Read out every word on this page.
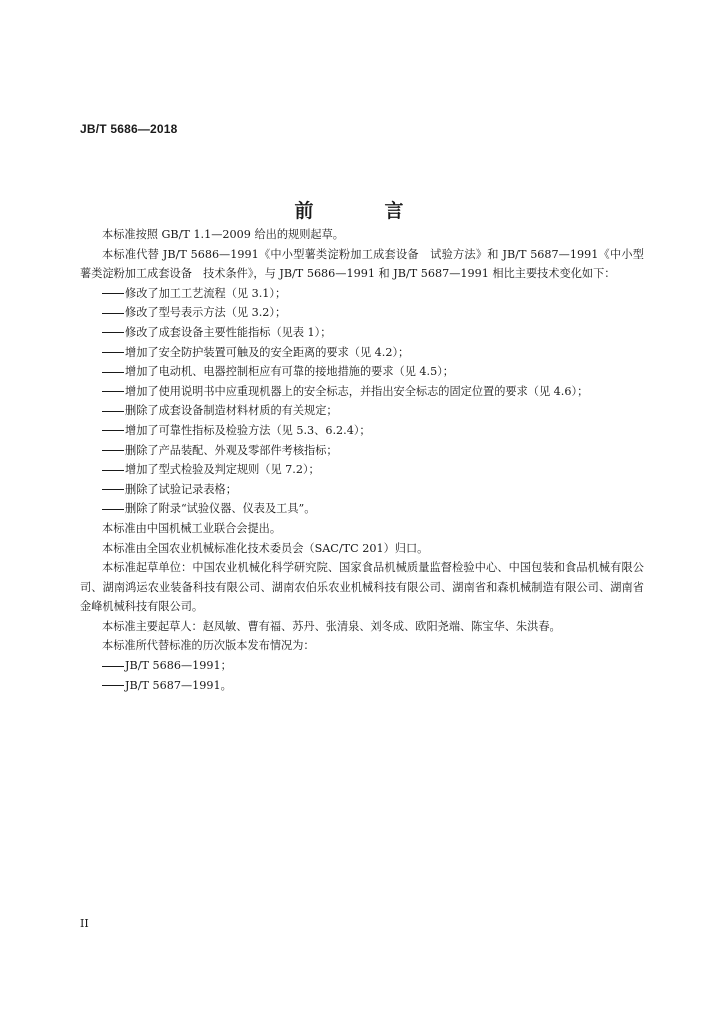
JB/T 5686—2018
前　言

本标准按照 GB/T 1.1—2009 给出的规则起草。

本标准代替 JB/T 5686—1991《中小型薯类淀粉加工成套设备　试验方法》和 JB/T 5687—1991《中小型薯类淀粉加工成套设备　技术条件》，与 JB/T 5686—1991 和 JB/T 5687—1991 相比主要技术变化如下：

修改了加工工艺流程（见 3.1）；

修改了型号表示方法（见 3.2）；

修改了成套设备主要性能指标（见表 1）；

增加了安全防护装置可触及的安全距离的要求（见 4.2）；

增加了电动机、电器控制柜应有可靠的接地措施的要求（见 4.5）；

增加了使用说明书中应重现机器上的安全标志，并指出安全标志的固定位置的要求（见 4.6）；

删除了成套设备制造材料材质的有关规定；

增加了可靠性指标及检验方法（见 5.3、6.2.4）；

删除了产品装配、外观及零部件考核指标；

增加了型式检验及判定规则（见 7.2）；

删除了试验记录表格；

删除了附录“试验仪器、仪表及工具”。

本标准由中国机械工业联合会提出。

本标准由全国农业机械标准化技术委员会（SAC/TC 201）归口。

本标准起草单位：中国农业机械化科学研究院、国家食品机械质量监督检验中心、中国包装和食品机械有限公司、湖南鸿运农业装备科技有限公司、湖南农伯乐农业机械科技有限公司、湖南省和森机械制造有限公司、湖南省金峰机械科技有限公司。

本标准主要起草人：赵凤敏、曹有福、苏丹、张清泉、刘冬成、欧阳尧端、陈宝华、朱洪春。

本标准所代替标准的历次版本发布情况为：

JB/T 5686—1991；

JB/T 5687—1991。

II
